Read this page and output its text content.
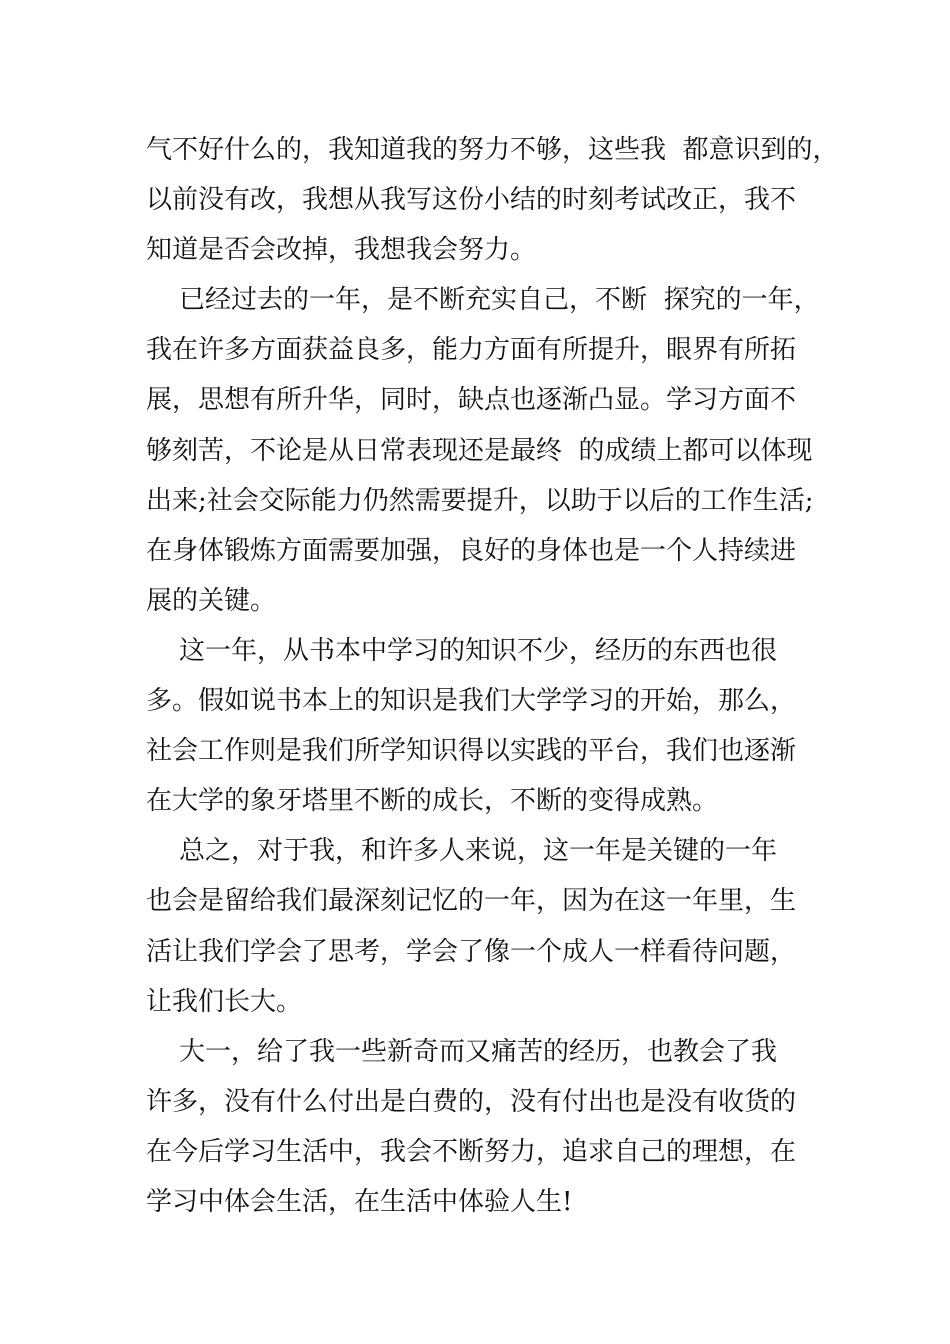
气不好什么的，我知道我的努力不够，这些我  都意识到的，
以前没有改，我想从我写这份小结的时刻考试改正，我不
知道是否会改掉，我想我会努力。
已经过去的一年，是不断充实自己，不断  探究的一年，
我在许多方面获益良多，能力方面有所提升，眼界有所拓
展，思想有所升华，同时，缺点也逐渐凸显。学习方面不
够刻苦，不论是从日常表现还是最终  的成绩上都可以体现
出来;社会交际能力仍然需要提升，以助于以后的工作生活;
在身体锻炼方面需要加强，良好的身体也是一个人持续进
展的关键。
这一年，从书本中学习的知识不少，经历的东西也很
多。假如说书本上的知识是我们大学学习的开始，那么，
社会工作则是我们所学知识得以实践的平台，我们也逐渐
在大学的象牙塔里不断的成长，不断的变得成熟。
总之，对于我，和许多人来说，这一年是关键的一年
也会是留给我们最深刻记忆的一年，因为在这一年里，生
活让我们学会了思考，学会了像一个成人一样看待问题，
让我们长大。
大一，给了我一些新奇而又痛苦的经历，也教会了我
许多，没有什么付出是白费的，没有付出也是没有收货的
在今后学习生活中，我会不断努力，追求自己的理想，在
学习中体会生活，在生活中体验人生!
